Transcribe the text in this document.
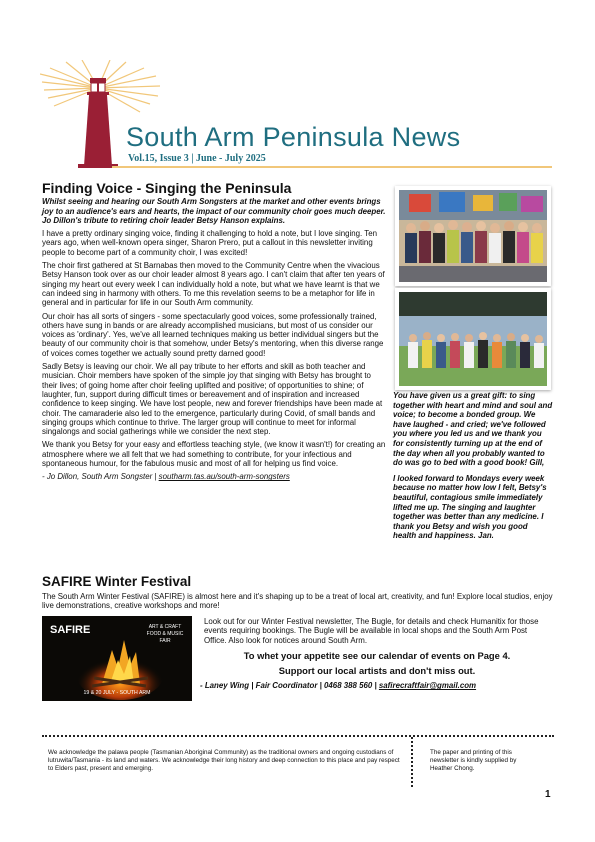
South Arm Peninsula News
Vol.15, Issue 3 | June - July 2025
Finding Voice - Singing the Peninsula

Whilst seeing and hearing our South Arm Songsters at the market and other events brings joy to an audience's ears and hearts, the impact of our community choir goes much deeper. Jo Dillon's tribute to retiring choir leader Betsy Hanson explains.

I have a pretty ordinary singing voice, finding it challenging to hold a note, but I love singing. Ten years ago, when well-known opera singer, Sharon Prero, put a callout in this newsletter inviting people to become part of a community choir, I was excited!

The choir first gathered at St Barnabas then moved to the Community Centre when the vivacious Betsy Hanson took over as our choir leader almost 8 years ago. I can't claim that after ten years of singing my heart out every week I can individually hold a note, but what we have learnt is that we can indeed sing in harmony with others. To me this revelation seems to be a metaphor for life in general and in particular for life in our South Arm community.

Our choir has all sorts of singers - some spectacularly good voices, some professionally trained, others have sung in bands or are already accomplished musicians, but most of us consider our voices as 'ordinary'. Yes, we've all learned techniques making us better individual singers but the beauty of our community choir is that somehow, under Betsy's mentoring, when this diverse range of voices comes together we actually sound pretty darned good!

Sadly Betsy is leaving our choir. We all pay tribute to her efforts and skill as both teacher and musician. Choir members have spoken of the simple joy that singing with Betsy has brought to their lives; of going home after choir feeling uplifted and positive; of opportunities to shine; of laughter, fun, support during difficult times or bereavement and of inspiration and increased confidence to keep singing. We have lost people, new and forever friendships have been made at choir. The camaraderie also led to the emergence, particularly during Covid, of small bands and singing groups which continue to thrive. The larger group will continue to meet for informal singalongs and social gatherings while we consider the next step.

We thank you Betsy for your easy and effortless teaching style, (we know it wasn't!) for creating an atmosphere where we all felt that we had something to contribute, for your infectious and spontaneous humour, for the fabulous music and most of all for helping us find voice.

- Jo Dillon, South Arm Songster | southarm.tas.au/south-arm-songsters

You have given us a great gift: to sing together with heart and mind and soul and voice; to become a bonded group. We have laughed - and cried; we've followed you where you led us and we thank you for consistently turning up at the end of the day when all you probably wanted to do was go to bed with a good book! Gill,

I looked forward to Mondays every week because no matter how low I felt, Betsy's beautiful, contagious smile immediately lifted me up. The singing and laughter together was better than any medicine. I thank you Betsy and wish you good health and happiness. Jan.

SAFIRE Winter Festival

The South Arm Winter Festival (SAFIRE) is almost here and it's shaping up to be a treat of local art, creativity, and fun! Explore local studios, enjoy live demonstrations, creative workshops and more!

SAFIRE	ART & CRAFT
FOOD & MUSIC
FAIR
19 & 20 JULY - SOUTH ARM

Look out for our Winter Festival newsletter, The Bugle, for details and check Humanitix for those events requiring bookings. The Bugle will be available in local shops and the South Arm Post Office. Also look for notices around South Arm.

To whet your appetite see our calendar of events on Page 4.

Support our local artists and don't miss out.

- Laney Wing | Fair Coordinator | 0468 388 560 | safirecraftfair@gmail.com

We acknowledge the palawa people (Tasmanian Aboriginal Community) as the traditional owners and ongoing custodians of lutruwita/Tasmania - its land and waters. We acknowledge their long history and deep connection to this place and pay respect to Elders past, present and emerging.
The paper and printing of this newsletter is kindly supplied by Heather Chong.
1
